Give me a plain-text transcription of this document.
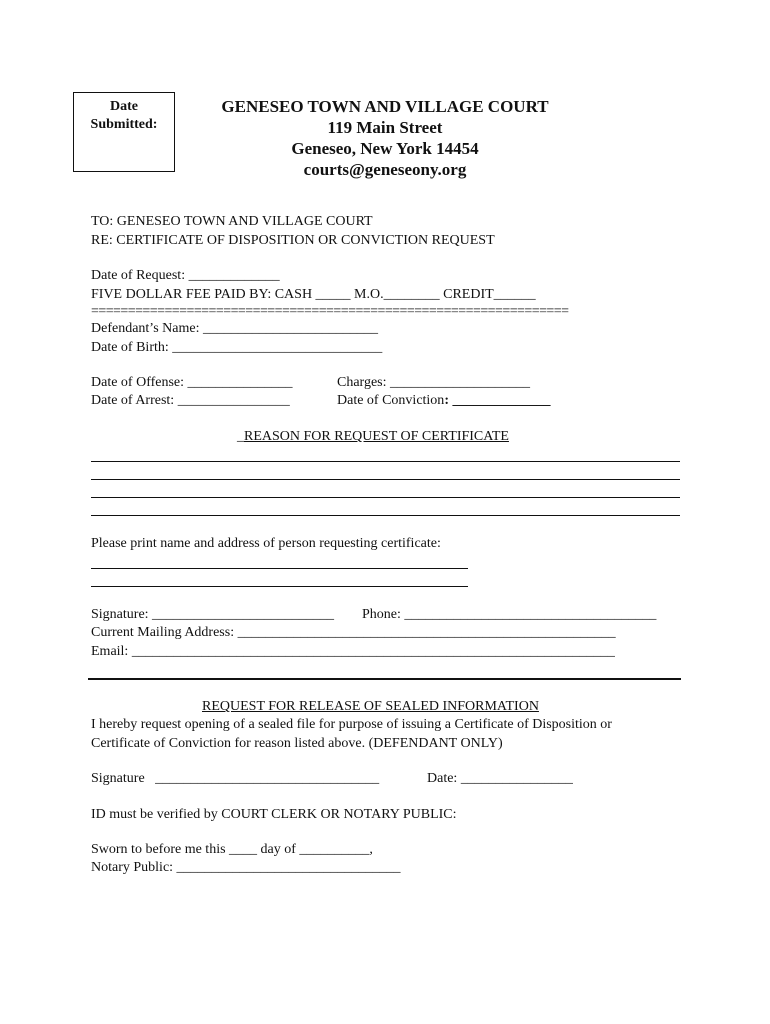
Date
Submitted:
GENESEO TOWN AND VILLAGE COURT
119 Main Street
Geneseo, New York 14454
courts@geneseony.org
TO: GENESEO TOWN AND VILLAGE COURT
RE: CERTIFICATE OF DISPOSITION OR CONVICTION REQUEST
Date of Request: _____________
FIVE DOLLAR FEE PAID BY: CASH _____ M.O.________ CREDIT______
=================================================================
Defendant’s Name: _________________________
Date of Birth: ______________________________
Date of Offense: _______________
Date of Arrest: ________________
Charges: ____________________
Date of Conviction: ______________
_REASON FOR REQUEST OF CERTIFICATE
Please print name and address of person requesting certificate:
Signature: __________________________ Phone: ____________________________________
Current Mailing Address: ______________________________________________________
Email: _____________________________________________________________________
REQUEST FOR RELEASE OF SEALED INFORMATION
I hereby request opening of a sealed file for purpose of issuing a Certificate of Disposition or
Certificate of Conviction for reason listed above. (DEFENDANT ONLY)
Signature   ________________________________	Date: ________________
ID must be verified by COURT CLERK OR NOTARY PUBLIC:
Sworn to before me this ____ day of __________,
Notary Public: ________________________________
